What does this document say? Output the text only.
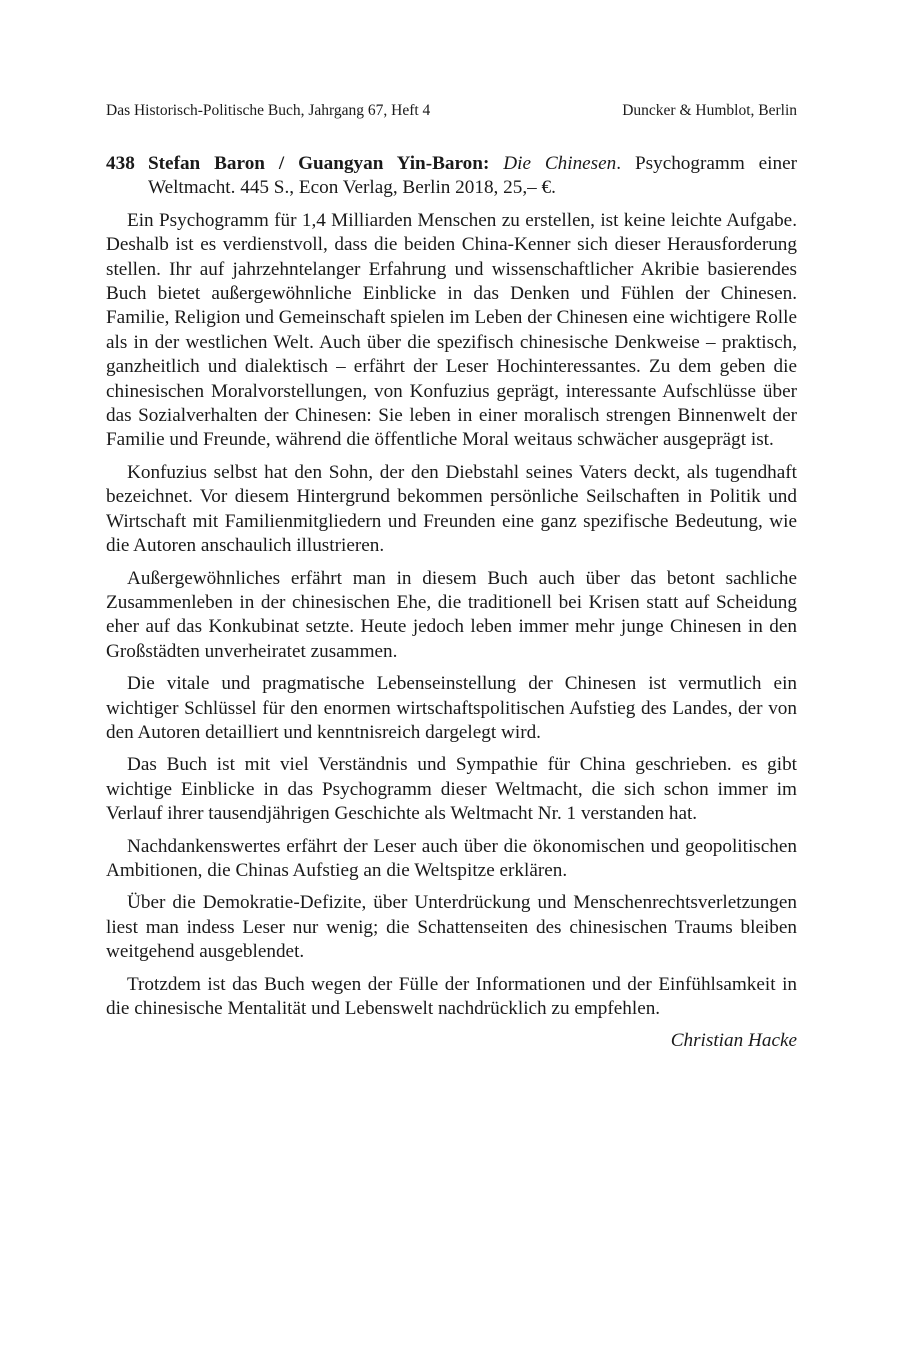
Das Historisch-Politische Buch, Jahrgang 67, Heft 4	Duncker & Humblot, Berlin

438 Stefan Baron / Guangyan Yin-Baron: Die Chinesen. Psychogramm einer Weltmacht. 445 S., Econ Verlag, Berlin 2018, 25,– €.

Ein Psychogramm für 1,4 Milliarden Menschen zu erstellen, ist keine leichte Aufgabe. Deshalb ist es verdienstvoll, dass die beiden China-Kenner sich dieser Herausforderung stellen. Ihr auf jahrzehntelanger Erfahrung und wissenschaftlicher Akribie basierendes Buch bietet außergewöhnliche Einblicke in das Denken und Fühlen der Chinesen. Familie, Religion und Gemeinschaft spielen im Leben der Chinesen eine wichtigere Rolle als in der westlichen Welt. Auch über die spezifisch chinesische Denkweise – praktisch, ganzheitlich und dialektisch – erfährt der Leser Hochinteressantes. Zu dem geben die chinesischen Moralvorstellungen, von Konfuzius geprägt, interessante Aufschlüsse über das Sozialverhalten der Chinesen: Sie leben in einer moralisch strengen Binnenwelt der Familie und Freunde, während die öffentliche Moral weitaus schwächer ausgeprägt ist.

Konfuzius selbst hat den Sohn, der den Diebstahl seines Vaters deckt, als tugendhaft bezeichnet. Vor diesem Hintergrund bekommen persönliche Seilschaften in Politik und Wirtschaft mit Familienmitgliedern und Freunden eine ganz spezifische Bedeutung, wie die Autoren anschaulich illustrieren.

Außergewöhnliches erfährt man in diesem Buch auch über das betont sachliche Zusammenleben in der chinesischen Ehe, die traditionell bei Krisen statt auf Scheidung eher auf das Konkubinat setzte. Heute jedoch leben immer mehr junge Chinesen in den Großstädten unverheiratet zusammen.

Die vitale und pragmatische Lebenseinstellung der Chinesen ist vermutlich ein wichtiger Schlüssel für den enormen wirtschaftspolitischen Aufstieg des Landes, der von den Autoren detailliert und kenntnisreich dargelegt wird.

Das Buch ist mit viel Verständnis und Sympathie für China geschrieben. es gibt wichtige Einblicke in das Psychogramm dieser Weltmacht, die sich schon immer im Verlauf ihrer tausendjährigen Geschichte als Weltmacht Nr. 1 verstanden hat.

Nachdankenswertes erfährt der Leser auch über die ökonomischen und geopolitischen Ambitionen, die Chinas Aufstieg an die Weltspitze erklären.

Über die Demokratie-Defizite, über Unterdrückung und Menschenrechtsverletzungen liest man indess Leser nur wenig; die Schattenseiten des chinesischen Traums bleiben weitgehend ausgeblendet.

Trotzdem ist das Buch wegen der Fülle der Informationen und der Einfühlsamkeit in die chinesische Mentalität und Lebenswelt nachdrücklich zu empfehlen.

Christian Hacke
